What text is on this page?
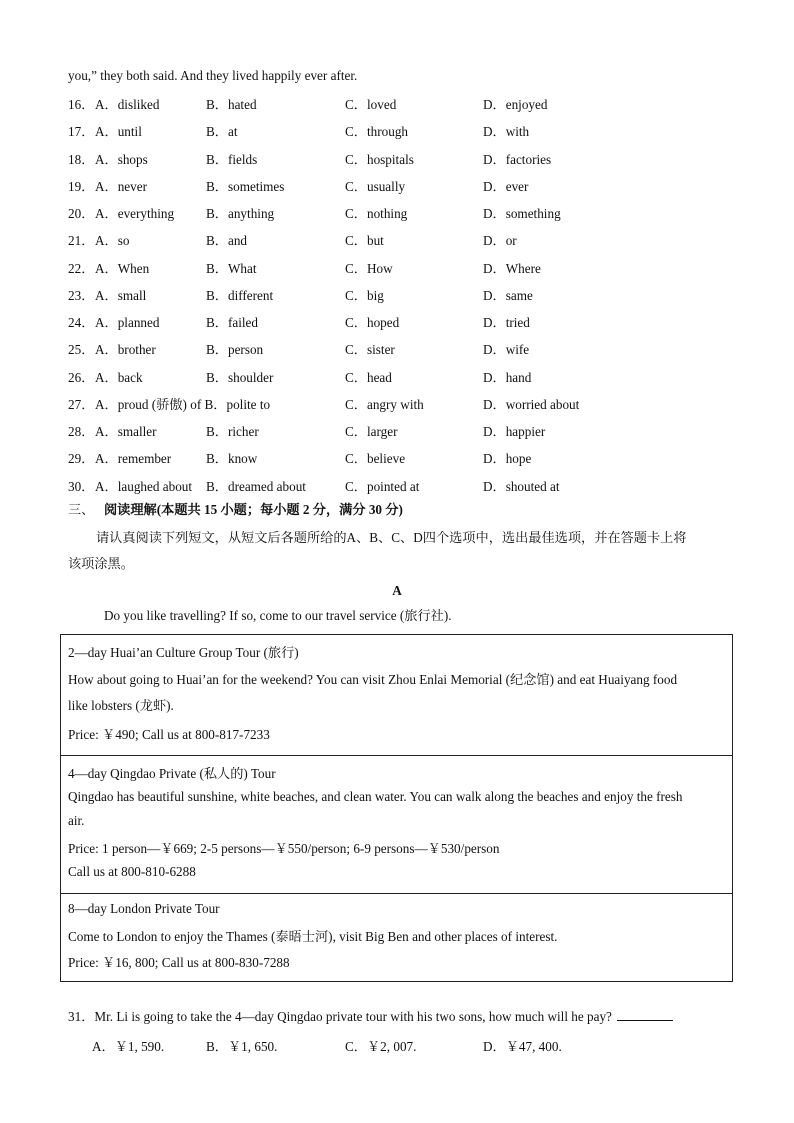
you,” they both said. And they lived happily ever after.
16． A．disliked	B．hated	C．loved	D．enjoyed
17． A．until	B．at	C．through	D．with
18． A．shops	B．fields	C．hospitals	D．factories
19． A．never	B．sometimes	C．usually	D．ever
20． A．everything B．anything	C．nothing	D．something
21． A．so	B．and	C．but	D．or
22． A．When	B．What	C．How	D．Where
23． A．small	B．different	C．big	D．same
24． A．planned	B．failed	C．hoped	D．tried
25． A．brother	B．person	C．sister	D．wife
26． A．back	B．shoulder	C．head	D．hand
27． A．proud (骄傲) of B．polite to	C．angry with	D．worried about
28． A．smaller	B．richer	C．larger	D．happier
29． A．remember	B．know	C．believe	D．hope
30． A．laughed about B．dreamed about	C．pointed at	D．shouted at
三、 阅读理解(本题共 15 小题；每小题 2 分，满分 30 分)
请认真阅读下列短文，从短文后各题所给的A、B、C、D四个选项中，选出最佳选项，并在答题卡上将
该项涂黑。
A
Do you like travelling? If so, come to our travel service (旅行社).
2—day Huai’an Culture Group Tour (旅行)
How about going to Huai’an for the weekend? You can visit Zhou Enlai Memorial (纪念馆) and eat Huaiyang food
like lobsters (龙虾).
Price: ￥490; Call us at 800-817-7233
4—day Qingdao Private (私人的) Tour
Qingdao has beautiful sunshine, white beaches, and clean water. You can walk along the beaches and enjoy the fresh
air.
Price: 1 person—￥669; 2-5 persons—￥550/person; 6-9 persons—￥530/person
Call us at 800-810-6288
8—day London Private Tour
Come to London to enjoy the Thames (泰晤士河), visit Big Ben and other places of interest.
Price: ￥16, 800; Call us at 800-830-7288
31．Mr. Li is going to take the 4—day Qingdao private tour with his two sons, how much will he pay?
A．￥1, 590.	B．￥1, 650.	C．￥2, 007.	D．￥47, 400.
